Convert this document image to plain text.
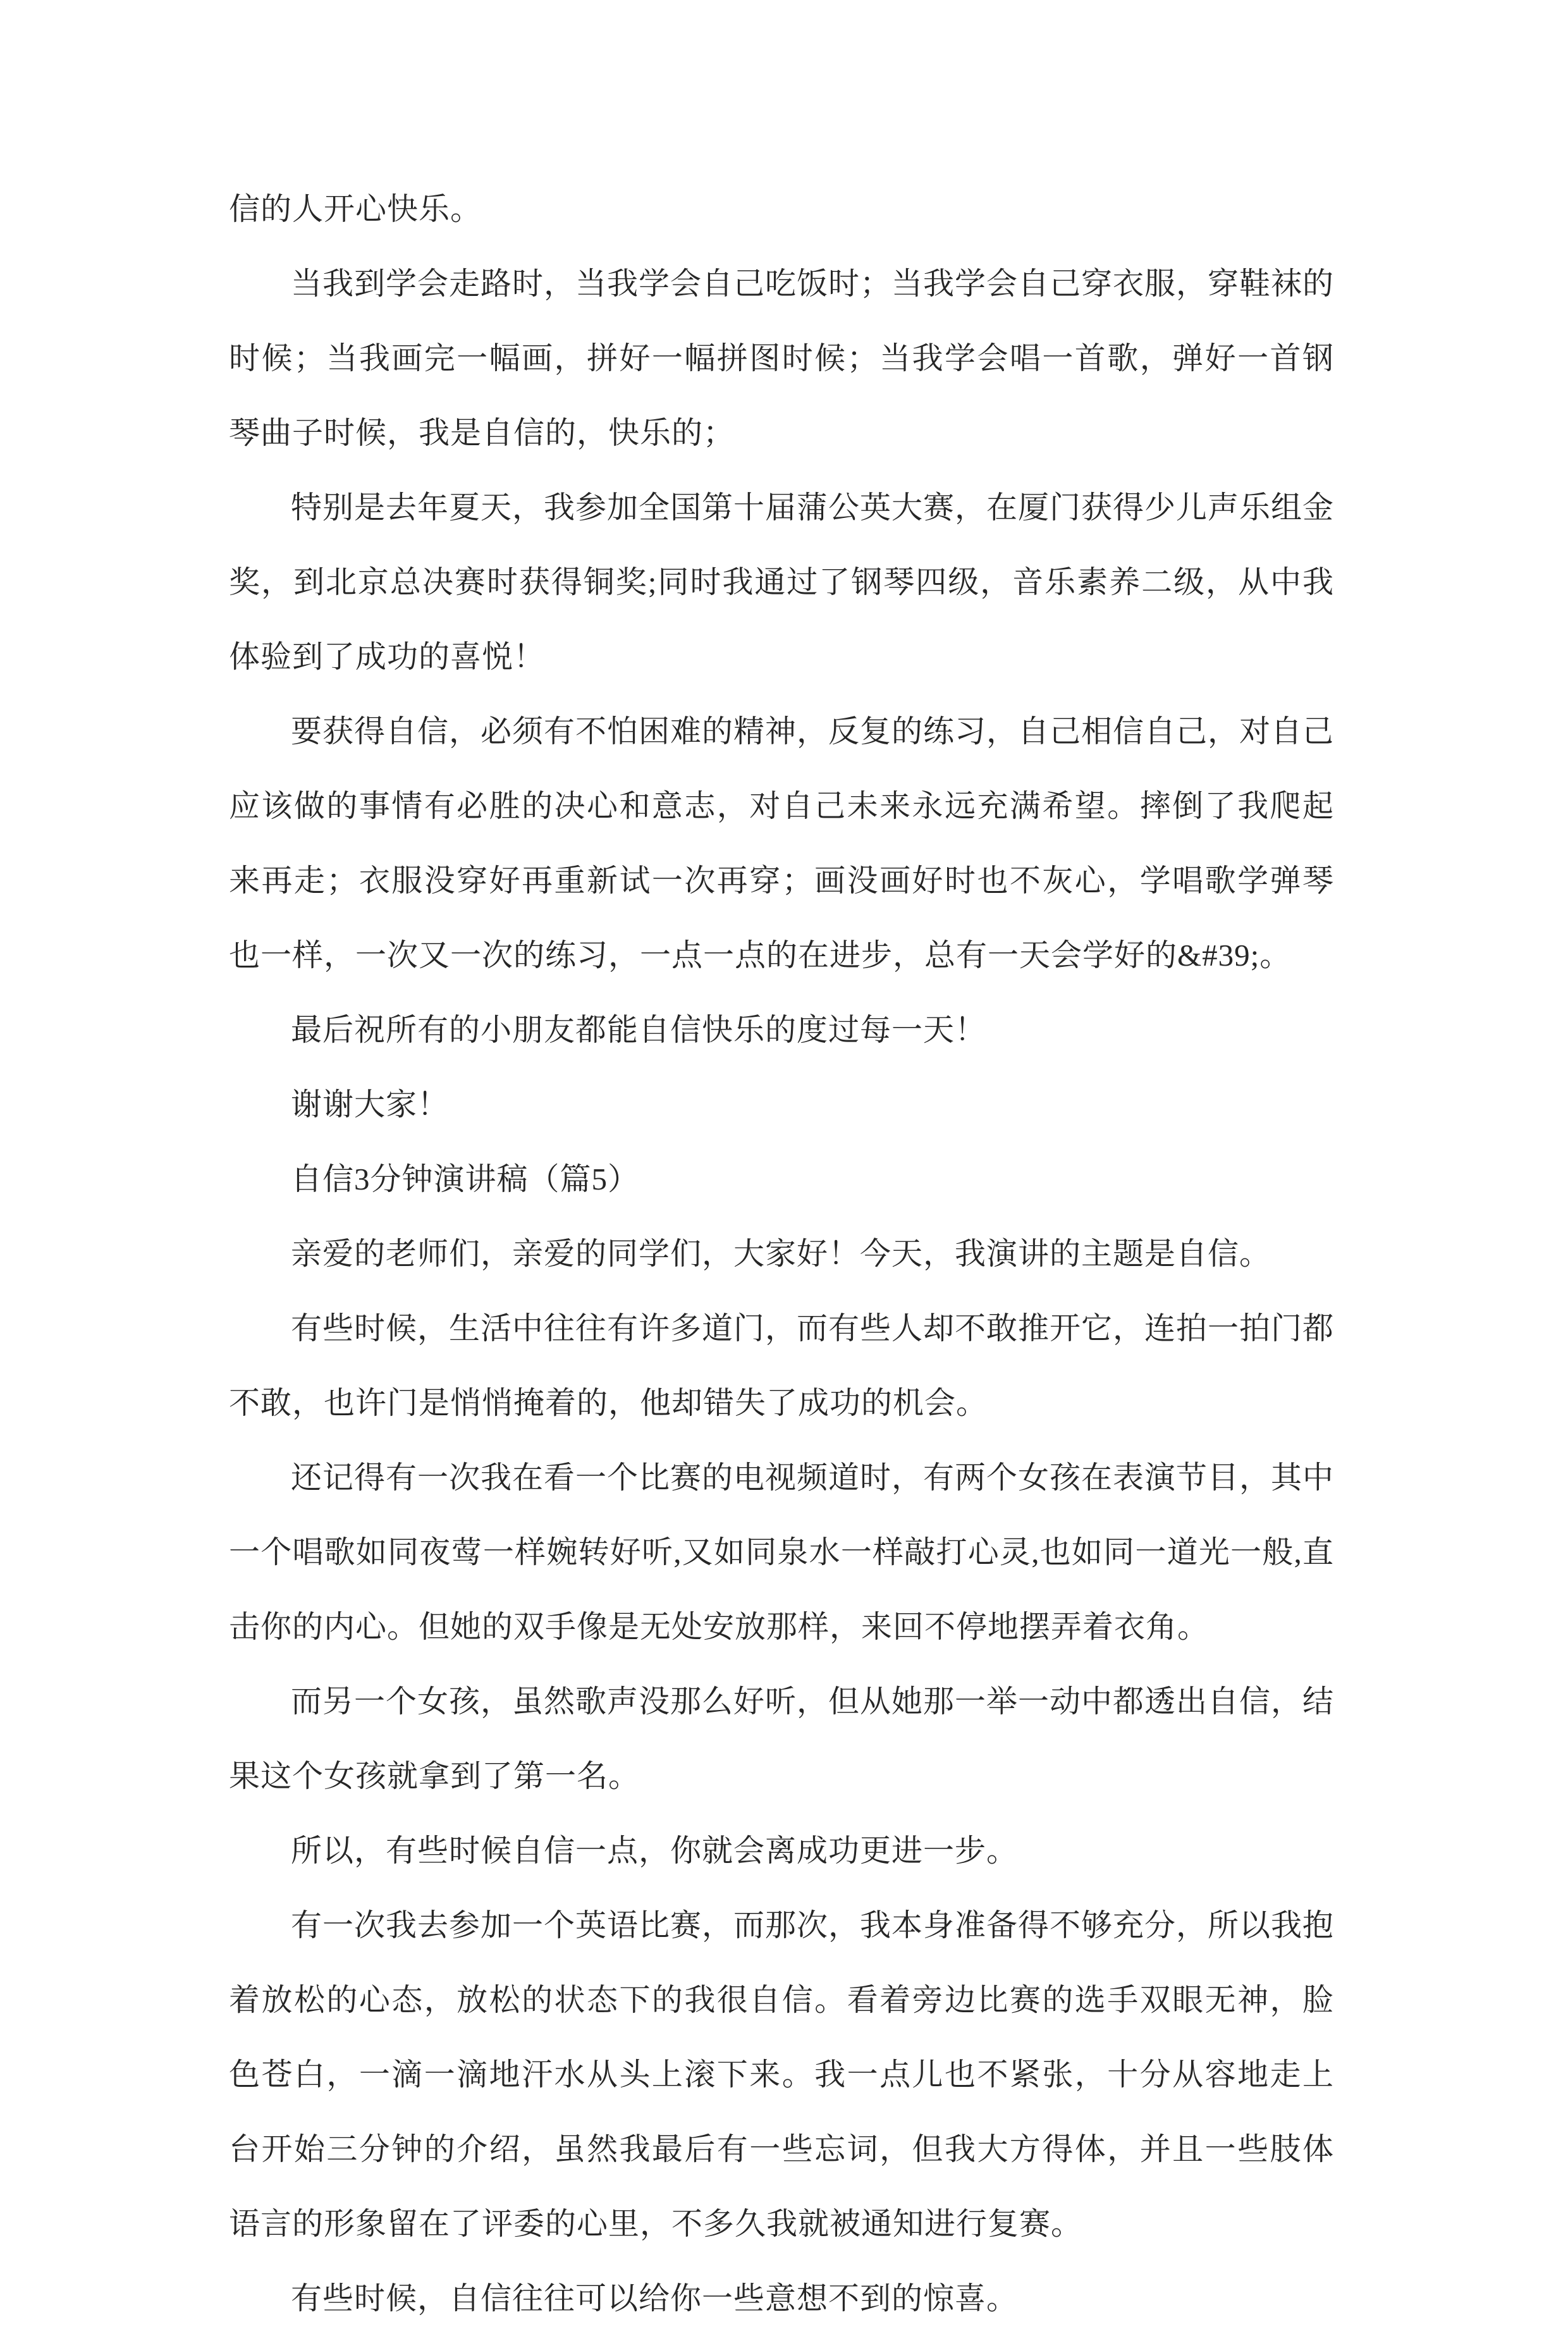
信的人开心快乐。

当我到学会走路时，当我学会自己吃饭时；当我学会自己穿衣服，穿鞋袜的时候；当我画完一幅画，拼好一幅拼图时候；当我学会唱一首歌，弹好一首钢琴曲子时候，我是自信的，快乐的；

特别是去年夏天，我参加全国第十届蒲公英大赛，在厦门获得少儿声乐组金奖，到北京总决赛时获得铜奖;同时我通过了钢琴四级，音乐素养二级，从中我体验到了成功的喜悦！

要获得自信，必须有不怕困难的精神，反复的练习，自己相信自己，对自己应该做的事情有必胜的决心和意志，对自己未来永远充满希望。摔倒了我爬起来再走；衣服没穿好再重新试一次再穿；画没画好时也不灰心，学唱歌学弹琴也一样，一次又一次的练习，一点一点的在进步，总有一天会学好的&#39;。

最后祝所有的小朋友都能自信快乐的度过每一天！

谢谢大家！

自信3分钟演讲稿（篇5）

亲爱的老师们，亲爱的同学们，大家好！今天，我演讲的主题是自信。

有些时候，生活中往往有许多道门，而有些人却不敢推开它，连拍一拍门都不敢，也许门是悄悄掩着的，他却错失了成功的机会。

还记得有一次我在看一个比赛的电视频道时，有两个女孩在表演节目，其中一个唱歌如同夜莺一样婉转好听,又如同泉水一样敲打心灵,也如同一道光一般,直击你的内心。但她的双手像是无处安放那样，来回不停地摆弄着衣角。

而另一个女孩，虽然歌声没那么好听，但从她那一举一动中都透出自信，结果这个女孩就拿到了第一名。

所以，有些时候自信一点，你就会离成功更进一步。

有一次我去参加一个英语比赛，而那次，我本身准备得不够充分，所以我抱着放松的心态，放松的状态下的我很自信。看着旁边比赛的选手双眼无神，脸色苍白，一滴一滴地汗水从头上滚下来。我一点儿也不紧张，十分从容地走上台开始三分钟的介绍，虽然我最后有一些忘词，但我大方得体，并且一些肢体语言的形象留在了评委的心里，不多久我就被通知进行复赛。

有些时候，自信往往可以给你一些意想不到的惊喜。
